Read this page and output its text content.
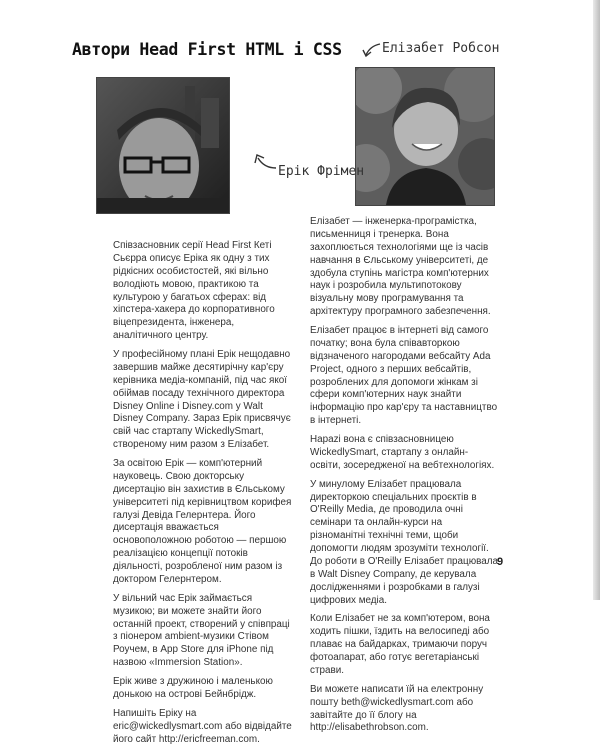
Автори Head First HTML і CSS	Елізабет Робсон
Ерік Фрімен

Співзасновник серії Head First Кеті Сьєрра описує Еріка як одну з тих рідкісних особистостей, які вільно володіють мовою, практикою та культурою у багатьох сферах: від хіпстера-хакера до корпоративного віцепрезидента, інженера, аналітичного центру.

У професійному плані Ерік нещодавно завершив майже десятирічну кар'єру керівника медіа-компаній, під час якої обіймав посаду технічного директора Disney Online і Disney.com у Walt Disney Company. Зараз Ерік присвячує свій час стартапу WickedlySmart, створеному ним разом з Елізабет.

За освітою Ерік — комп'ютерний науковець. Свою докторську дисертацію він захистив в Єльському університеті під керівництвом корифея галузі Девіда Гелернтера. Його дисертація вважається основоположною роботою — першою реалізацією концепції потоків діяльності, розробленої ним разом із доктором Гелернтером.

У вільний час Ерік займається музикою; ви можете знайти його останній проект, створений у співпраці з піонером ambient-музики Стівом Роучем, в App Store для iPhone під назвою «Immersion Station».

Ерік живе з дружиною і маленькою донькою на острові Бейнбрідж.

Напишіть Еріку на eric@wickedlysmart.com або відвідайте його сайт http://ericfreeman.com.

Елізабет — інженерка-програмістка, письменниця і тренерка. Вона захоплюється технологіями ще із часів навчання в Єльському університеті, де здобула ступінь магістра комп'ютерних наук і розробила мультипотокову візуальну мову програмування та архітектуру програмного забезпечення.

Елізабет працює в інтернеті від самого початку; вона була співавторкою відзначеного нагородами вебсайту Ada Project, одного з перших вебсайтів, розроблених для допомоги жінкам зі сфери комп'ютерних наук знайти інформацію про кар'єру та наставництво в інтернеті.

Нарazі вона є співзасновницею WickedlySmart, стартапу з онлайн-освіти, зосередженої на вебтехнологіях.

У минулому Елізабет працювала директоркою спеціальних проєктів в O'Reilly Media, де проводила очні семінари та онлайн-курси на різноманітні технічні теми, щоби допомогти людям зрозуміти технології. До роботи в O'Reilly Елізабет працювала в Walt Disney Company, де керувала дослідженнями і розробками в галузі цифрових медіа.

Коли Елізабет не за комп'ютером, вона ходить пішки, їздить на велосипеді або плаває на байдарках, тримаючи поруч фотоапарат, або готує вегетаріанські страви.

Ви можете написати їй на електронну пошту beth@wickedlysmart.com або завітайте до її блогу на http://elisabethrobson.com.

9
